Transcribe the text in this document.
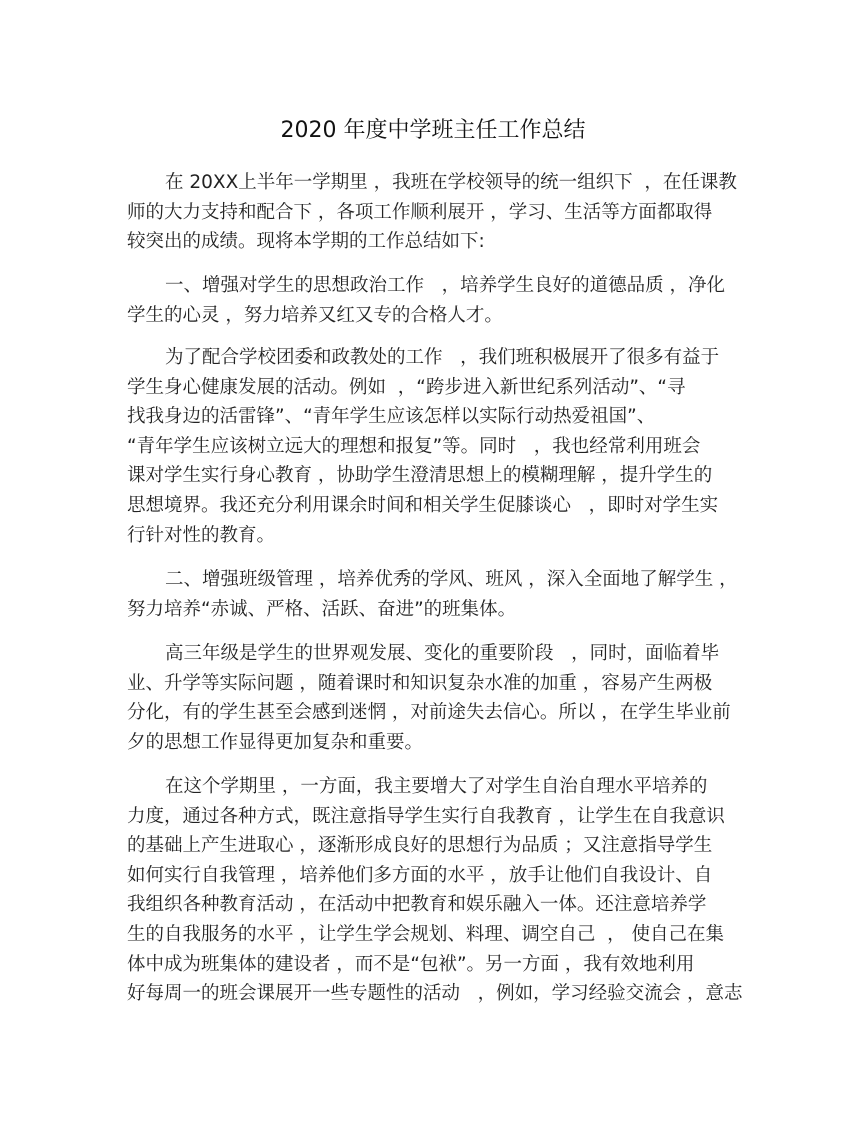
2020 年度中学班主任工作总结
在 20XX上半年一学期里 ，我班在学校领导的统一组织下  ，在任课教
师的大力支持和配合下 ，各项工作顺利展开 ，学习、生活等方面都取得
较突出的成绩。现将本学期的工作总结如下:
一、增强对学生的思想政治工作   ，培养学生良好的道德品质 ，净化
学生的心灵 ，努力培养又红又专的合格人才。
为了配合学校团委和政教处的工作   ，我们班积极展开了很多有益于
学生身心健康发展的活动。例如  ，“跨步进入新世纪系列活动”、“寻
找我身边的活雷锋”、“青年学生应该怎样以实际行动热爱祖国”、
“青年学生应该树立远大的理想和报复”等。同时   ，我也经常利用班会
课对学生实行身心教育 ，协助学生澄清思想上的模糊理解 ，提升学生的
思想境界。我还充分利用课余时间和相关学生促膝谈心   ，即时对学生实
行针对性的教育。
二、增强班级管理 ，培养优秀的学风、班风 ，深入全面地了解学生 ，
努力培养“赤诚、严格、活跃、奋进”的班集体。
高三年级是学生的世界观发展、变化的重要阶段   ，同时，面临着毕
业、升学等实际问题 ，随着课时和知识复杂水准的加重 ，容易产生两极
分化，有的学生甚至会感到迷惘 ，对前途失去信心。所以 ，在学生毕业前
夕的思想工作显得更加复杂和重要。
在这个学期里 ，一方面，我主要增大了对学生自治自理水平培养的
力度，通过各种方式，既注意指导学生实行自我教育 ，让学生在自我意识
的基础上产生进取心 ，逐渐形成良好的思想行为品质 ；又注意指导学生
如何实行自我管理 ，培养他们多方面的水平 ，放手让他们自我设计、自
我组织各种教育活动 ，在活动中把教育和娱乐融入一体。还注意培养学
生的自我服务的水平 ，让学生学会规划、料理、调空自己  ， 使自己在集
体中成为班集体的建设者 ，而不是“包袱”。另一方面 ，我有效地利用
好每周一的班会课展开一些专题性的活动   ，例如，学习经验交流会 ，意志
